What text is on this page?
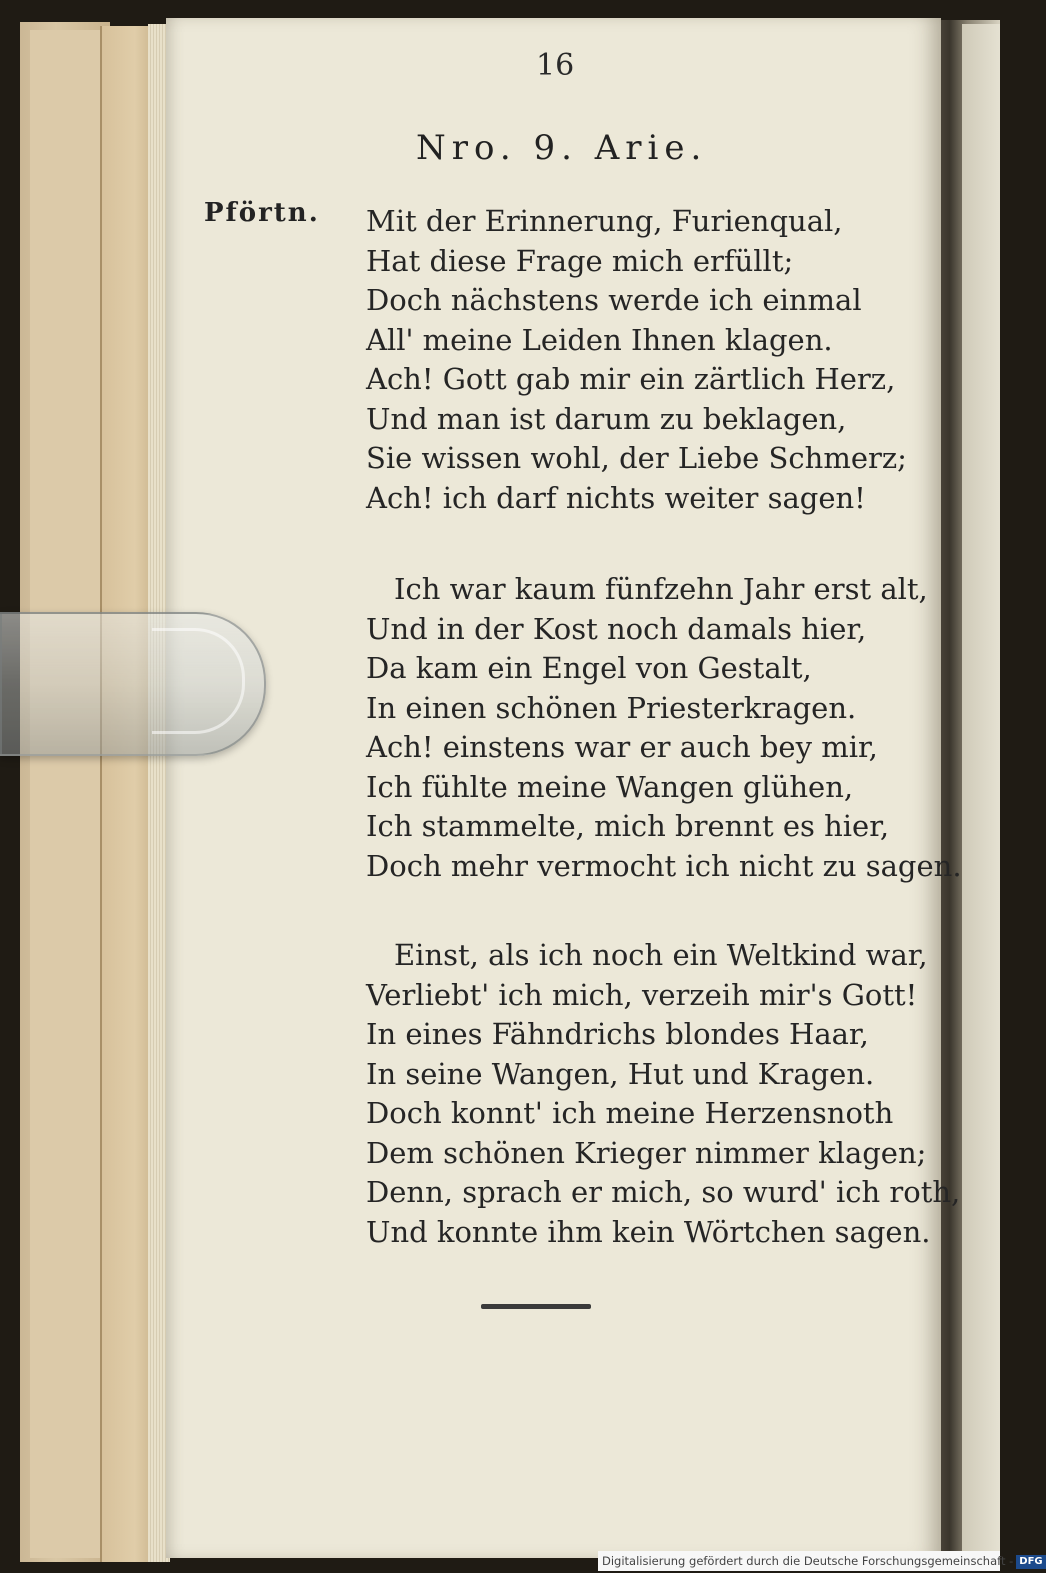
16
Nro. 9. Arie.
Pförtn. Mit der Erinnerung, Furienqual,
Hat diese Frage mich erfüllt;
Doch nächstens werde ich einmal
All' meine Leiden Ihnen klagen.
Ach! Gott gab mir ein zärtlich Herz,
Und man ist darum zu beklagen,
Sie wissen wohl, der Liebe Schmerz;
Ach! ich darf nichts weiter sagen!
Ich war kaum fünfzehn Jahr erst alt,
Und in der Kost noch damals hier,
Da kam ein Engel von Gestalt,
In einen schönen Priesterkragen.
Ach! einstens war er auch bey mir,
Ich fühlte meine Wangen glühen,
Ich stammelte, mich brennt es hier,
Doch mehr vermocht ich nicht zu sagen.
Einst, als ich noch ein Weltkind war,
Verliebt' ich mich, verzeih mir's Gott!
In eines Fähndrichs blondes Haar,
In seine Wangen, Hut und Kragen.
Doch konnt' ich meine Herzensnoth
Dem schönen Krieger nimmer klagen;
Denn, sprach er mich, so wurd' ich roth,
Und konnte ihm kein Wörtchen sagen.
Digitalisierung gefördert durch die Deutsche Forschungsgemeinschaft - DFG
